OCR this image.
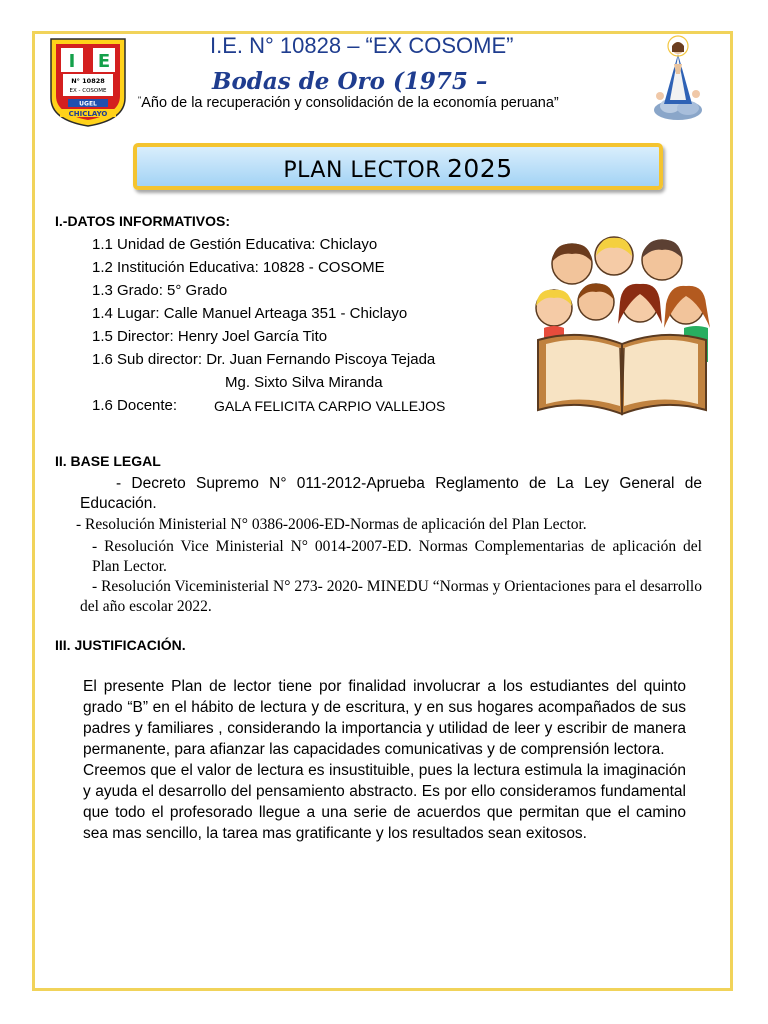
I E
N° 10828
EX - COSOME
UGEL
CHICLAYO
I.E. N° 10828 – “EX COSOME”
Bodas de Oro (1975 –
"Año de la recuperación y consolidación de la economía peruana”
PLAN LECTOR 2025
I.-DATOS INFORMATIVOS:
1.1 Unidad de Gestión Educativa: Chiclayo
1.2 Institución Educativa: 10828 - COSOME
1.3 Grado: 5° Grado
1.4 Lugar: Calle Manuel Arteaga 351 - Chiclayo
1.5 Director: Henry Joel García Tito
1.6 Sub director: Dr. Juan Fernando Piscoya Tejada
Mg. Sixto Silva Miranda
1.6 Docente:	GALA FELICITA CARPIO VALLEJOS
II. BASE LEGAL
- Decreto Supremo N° 011-2012-Aprueba Reglamento de La Ley General de Educación.
- Resolución Ministerial N° 0386-2006-ED-Normas de aplicación del Plan Lector.
- Resolución Vice Ministerial N° 0014-2007-ED. Normas Complementarias de aplicación del Plan Lector.
- Resolución Viceministerial N° 273- 2020- MINEDU “Normas y Orientaciones para el desarrollo del año escolar 2022.
III. JUSTIFICACIÓN.

El presente Plan de lector tiene por finalidad involucrar a los estudiantes del quinto grado “B” en el hábito de lectura y de escritura, y en sus hogares acompañados de sus padres y familiares , considerando la importancia y utilidad de leer y escribir de manera permanente, para afianzar las capacidades comunicativas y de comprensión lectora.

Creemos que el valor de lectura es insustituible, pues la lectura estimula la imaginación y ayuda el desarrollo del pensamiento abstracto. Es por ello consideramos fundamental que todo el profesorado llegue a una serie de acuerdos que permitan que el camino sea mas sencillo, la tarea mas gratificante y los resultados sean exitosos.
